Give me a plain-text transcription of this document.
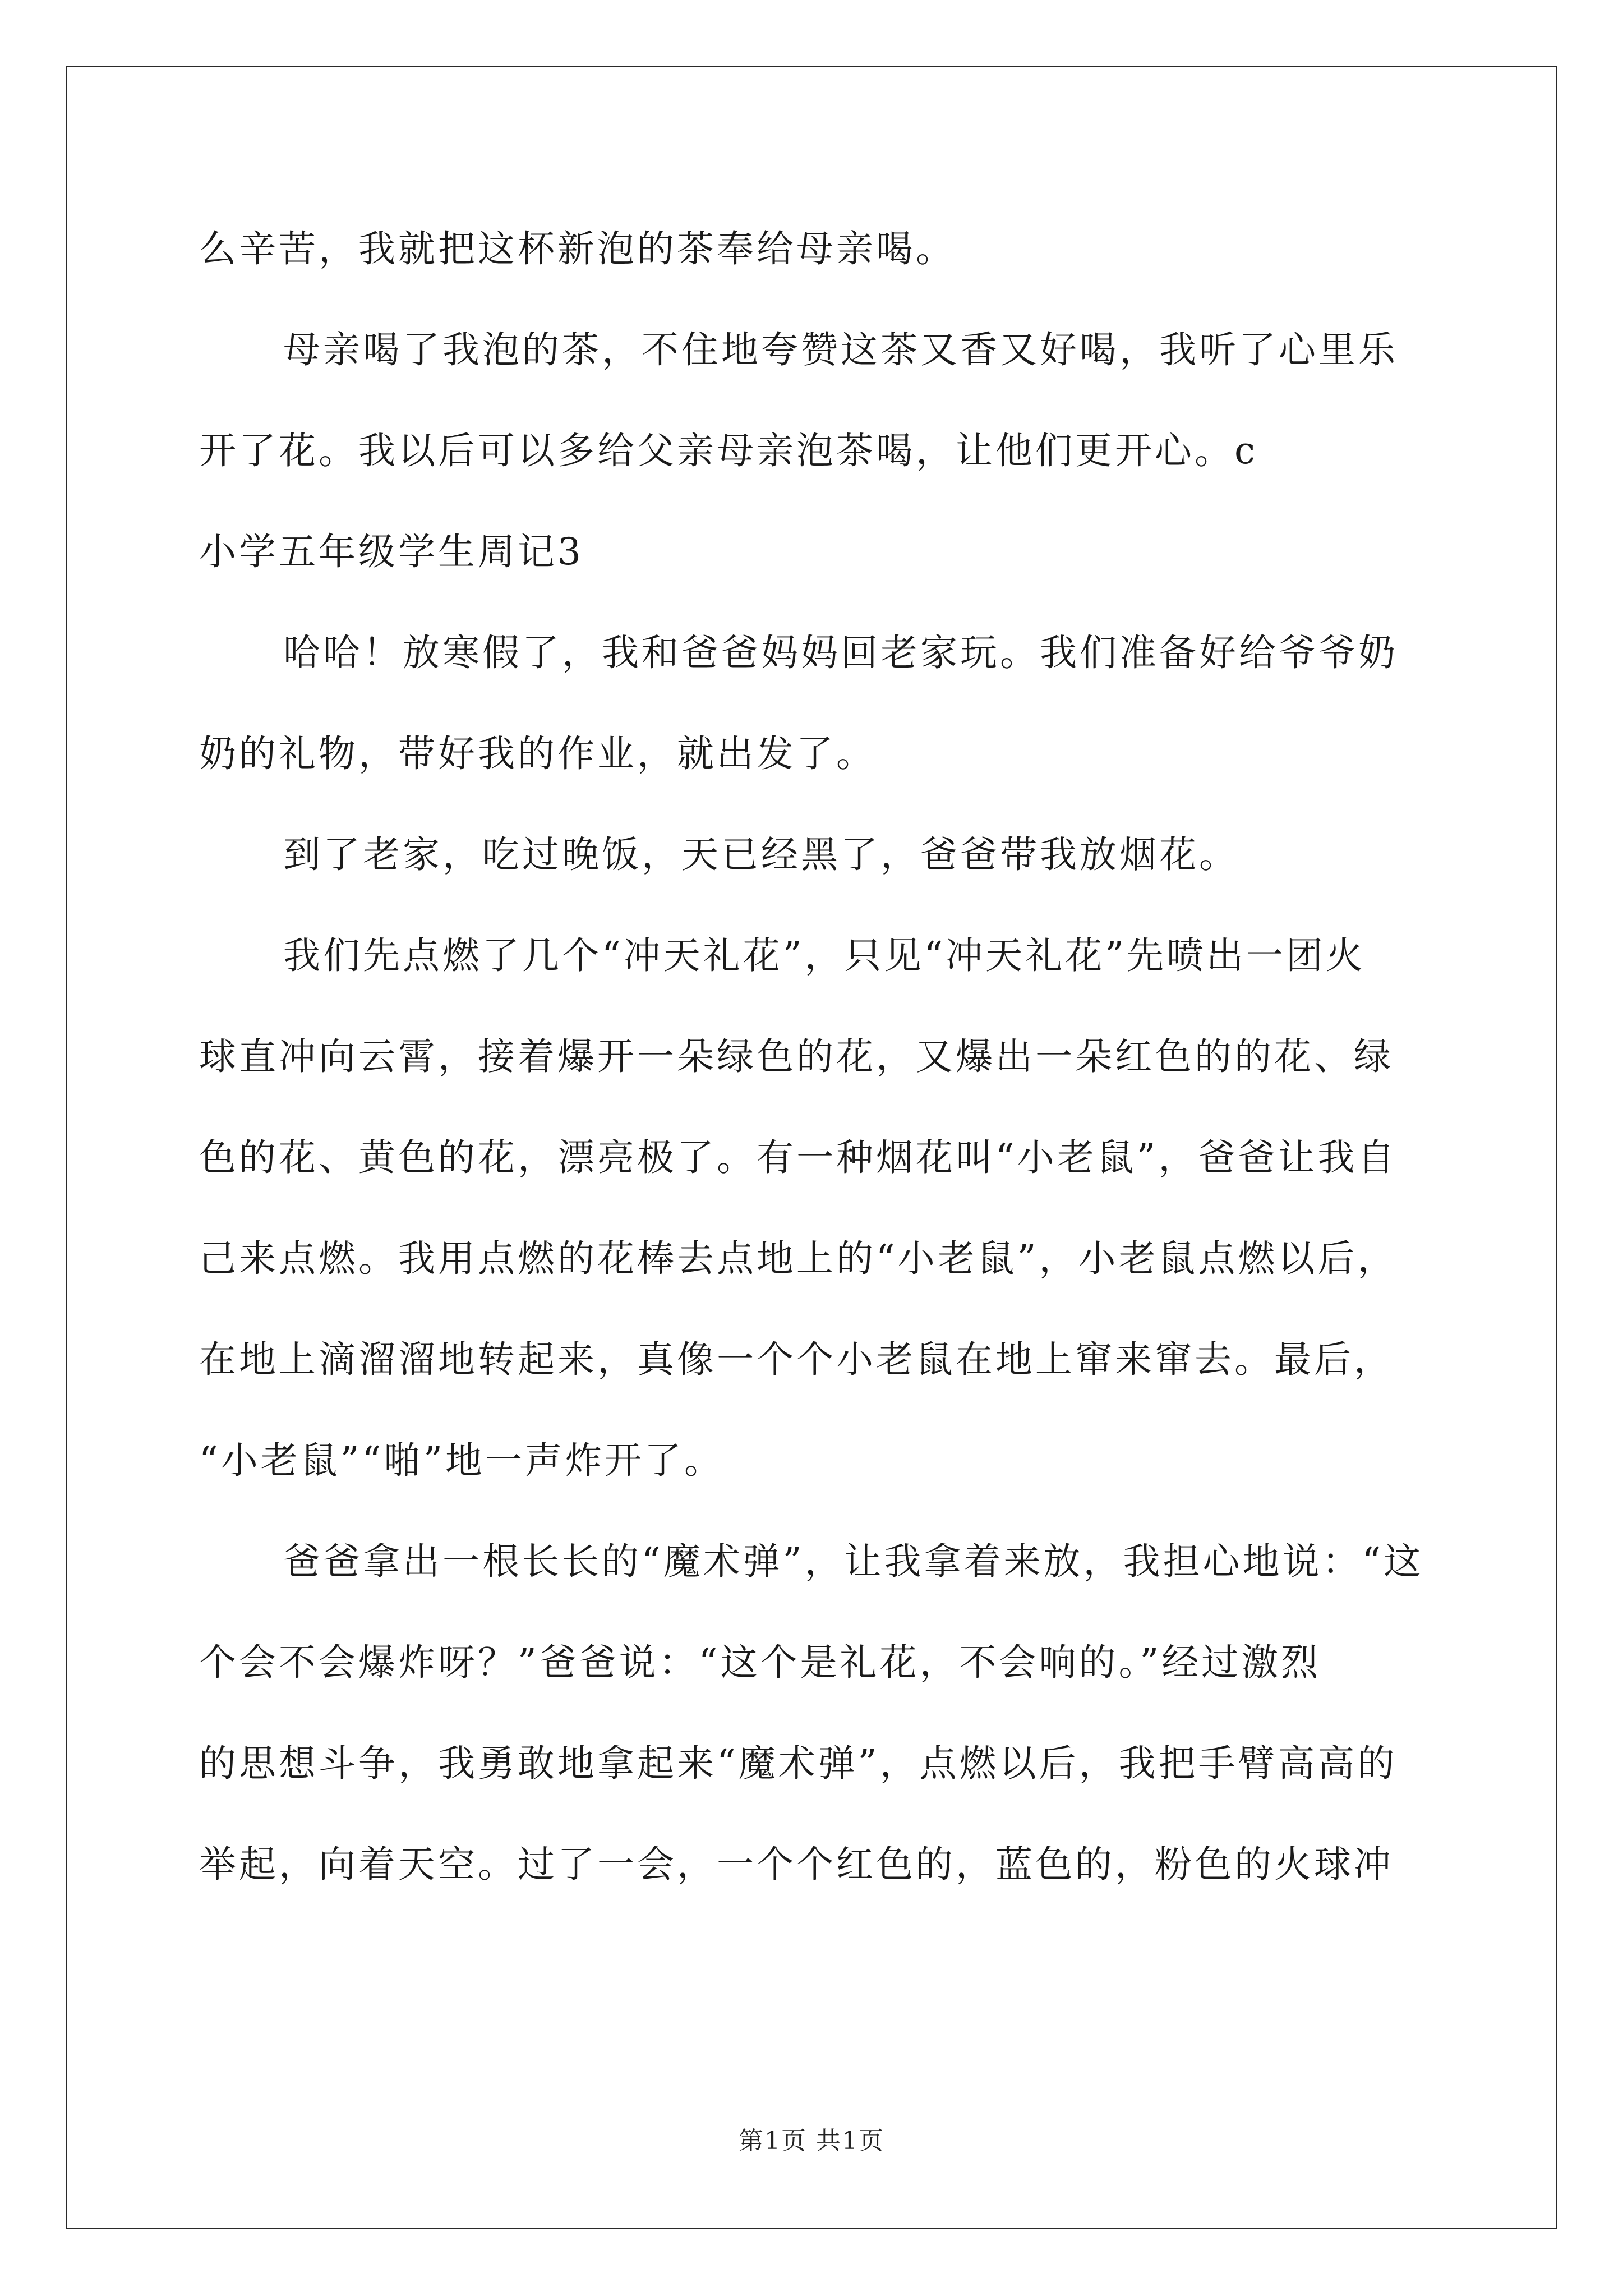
么辛苦，我就把这杯新泡的茶奉给母亲喝。
母亲喝了我泡的茶，不住地夸赞这茶又香又好喝，我听了心里乐
开了花。我以后可以多给父亲母亲泡茶喝，让他们更开心。c
小学五年级学生周记3
哈哈！放寒假了，我和爸爸妈妈回老家玩。我们准备好给爷爷奶
奶的礼物，带好我的作业，就出发了。
到了老家，吃过晚饭，天已经黑了，爸爸带我放烟花。
我们先点燃了几个“冲天礼花”，只见“冲天礼花”先喷出一团火
球直冲向云霄，接着爆开一朵绿色的花，又爆出一朵红色的的花、绿
色的花、黄色的花，漂亮极了。有一种烟花叫“小老鼠”，爸爸让我自
己来点燃。我用点燃的花棒去点地上的“小老鼠”，小老鼠点燃以后，
在地上滴溜溜地转起来，真像一个个小老鼠在地上窜来窜去。最后，
“小老鼠”“啪”地一声炸开了。
爸爸拿出一根长长的“魔术弹”，让我拿着来放，我担心地说：“这
个会不会爆炸呀？”爸爸说：“这个是礼花，不会响的。”经过激烈
的思想斗争，我勇敢地拿起来“魔术弹”，点燃以后，我把手臂高高的
举起，向着天空。过了一会，一个个红色的，蓝色的，粉色的火球冲
第1页 共1页
